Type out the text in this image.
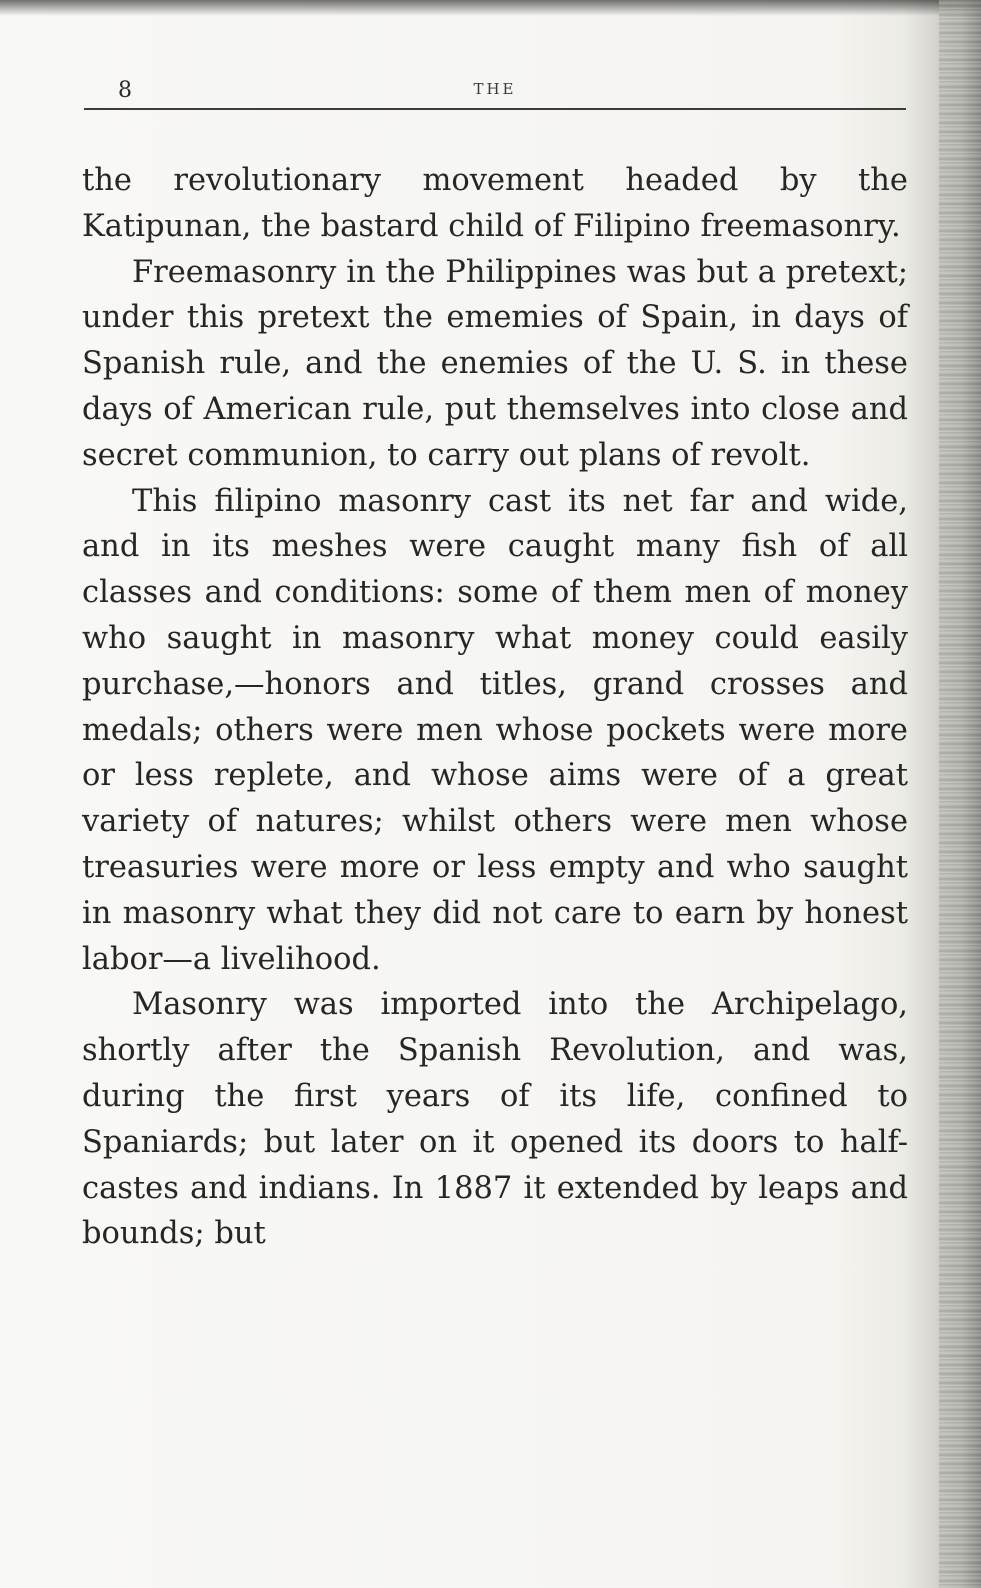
8	THE

the revolutionary movement headed by the Katipunan, the bastard child of Filipino freemasonry.

Freemasonry in the Philippines was but a pretext; under this pretext the ememies of Spain, in days of Spanish rule, and the enemies of the U. S. in these days of American rule, put themselves into close and secret communion, to carry out plans of revolt.

This filipino masonry cast its net far and wide, and in its meshes were caught many fish of all classes and conditions: some of them men of money who saught in masonry what money could easily purchase,—honors and titles, grand crosses and medals; others were men whose pockets were more or less replete, and whose aims were of a great variety of natures; whilst others were men whose treasuries were more or less empty and who saught in masonry what they did not care to earn by honest labor—a livelihood.

Masonry was imported into the Archipelago, shortly after the Spanish Revolution, and was, during the first years of its life, confined to Spaniards; but later on it opened its doors to half-castes and indians. In 1887 it extended by leaps and bounds; but
